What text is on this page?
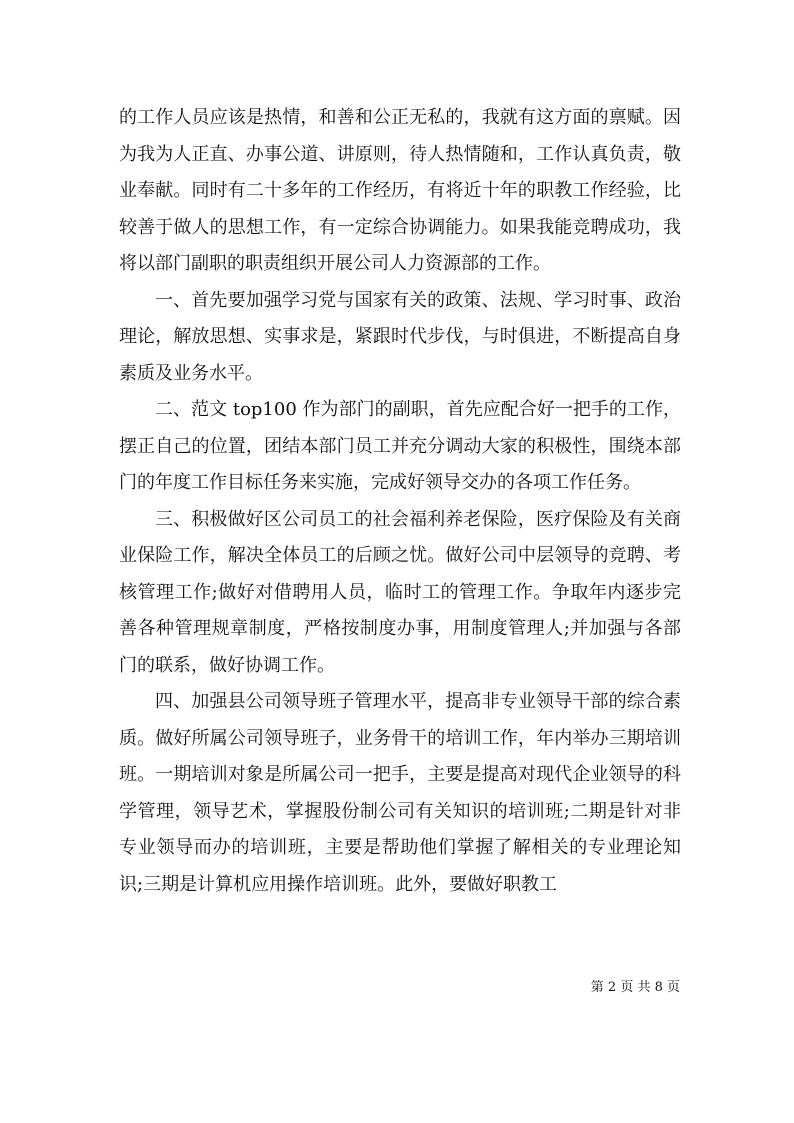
的工作人员应该是热情，和善和公正无私的，我就有这方面的禀赋。因为我为人正直、办事公道、讲原则，待人热情随和，工作认真负责，敬业奉献。同时有二十多年的工作经历，有将近十年的职教工作经验，比较善于做人的思想工作，有一定综合协调能力。如果我能竞聘成功，我将以部门副职的职责组织开展公司人力资源部的工作。

一、首先要加强学习党与国家有关的政策、法规、学习时事、政治理论，解放思想、实事求是，紧跟时代步伐，与时俱进，不断提高自身素质及业务水平。

二、范文 top100 作为部门的副职，首先应配合好一把手的工作，摆正自己的位置，团结本部门员工并充分调动大家的积极性，围绕本部门的年度工作目标任务来实施，完成好领导交办的各项工作任务。

三、积极做好区公司员工的社会福利养老保险，医疗保险及有关商业保险工作，解决全体员工的后顾之忧。做好公司中层领导的竞聘、考核管理工作;做好对借聘用人员，临时工的管理工作。争取年内逐步完善各种管理规章制度，严格按制度办事，用制度管理人;并加强与各部门的联系，做好协调工作。

四、加强县公司领导班子管理水平，提高非专业领导干部的综合素质。做好所属公司领导班子，业务骨干的培训工作，年内举办三期培训班。一期培训对象是所属公司一把手，主要是提高对现代企业领导的科学管理，领导艺术，掌握股份制公司有关知识的培训班;二期是针对非专业领导而办的培训班，主要是帮助他们掌握了解相关的专业理论知识;三期是计算机应用操作培训班。此外，要做好职教工

第 2 页 共 8 页
